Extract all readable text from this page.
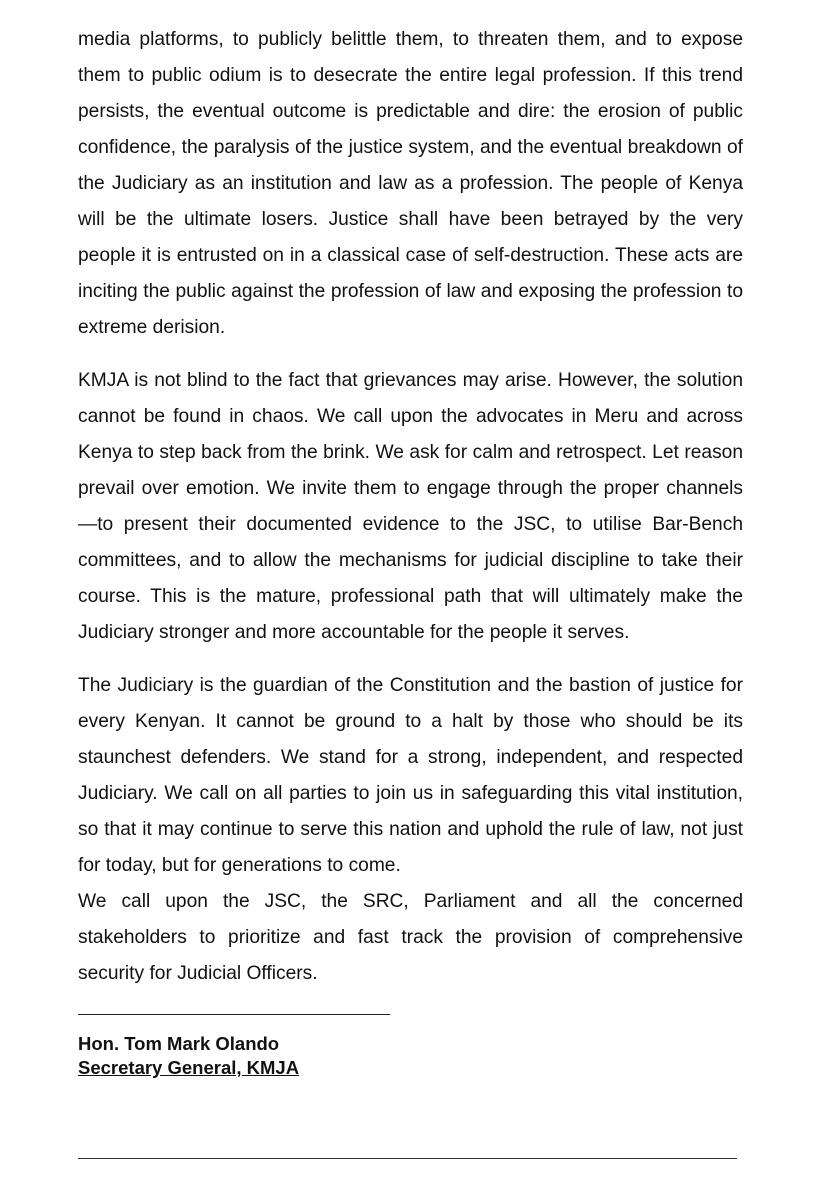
media platforms, to publicly belittle them, to threaten them, and to expose them to public odium is to desecrate the entire legal profession. If this trend persists, the eventual outcome is predictable and dire: the erosion of public confidence, the paralysis of the justice system, and the eventual breakdown of the Judiciary as an institution and law as a profession. The people of Kenya will be the ultimate losers. Justice shall have been betrayed by the very people it is entrusted on in a classical case of self-destruction. These acts are inciting the public against the profession of law and exposing the profession to extreme derision.

KMJA is not blind to the fact that grievances may arise. However, the solution cannot be found in chaos. We call upon the advocates in Meru and across Kenya to step back from the brink. We ask for calm and retrospect. Let reason prevail over emotion. We invite them to engage through the proper channels—to present their documented evidence to the JSC, to utilise Bar-Bench committees, and to allow the mechanisms for judicial discipline to take their course. This is the mature, professional path that will ultimately make the Judiciary stronger and more accountable for the people it serves.

The Judiciary is the guardian of the Constitution and the bastion of justice for every Kenyan. It cannot be ground to a halt by those who should be its staunchest defenders. We stand for a strong, independent, and respected Judiciary. We call on all parties to join us in safeguarding this vital institution, so that it may continue to serve this nation and uphold the rule of law, not just for today, but for generations to come.

We call upon the JSC, the SRC, Parliament and all the concerned stakeholders to prioritize and fast track the provision of comprehensive security for Judicial Officers.

Hon. Tom Mark Olando
Secretary General, KMJA
